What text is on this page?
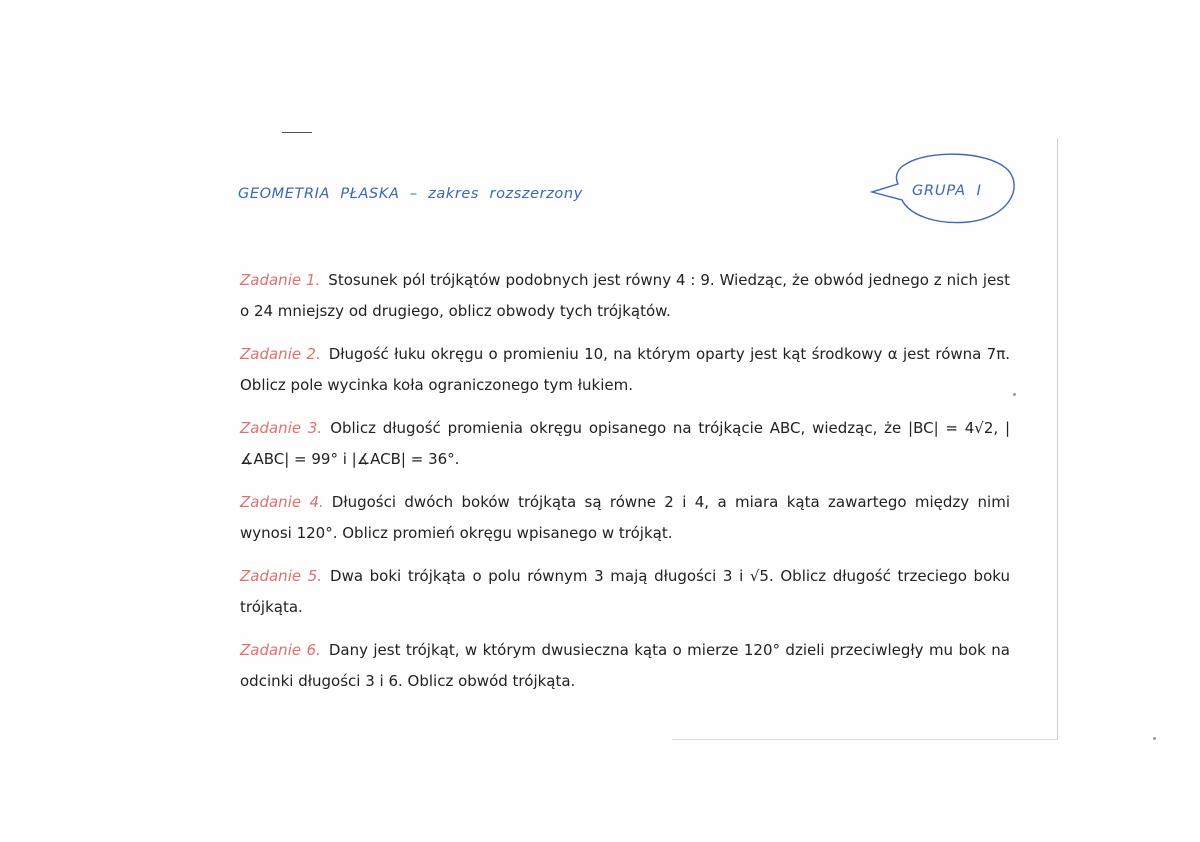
GEOMETRIA  PŁASKA  –  zakres  rozszerzony	GRUPA  I
Zadanie 1. Stosunek pól trójkątów podobnych jest równy 4 : 9. Wiedząc, że obwód jednego z nich jest o 24 mniejszy od drugiego, oblicz obwody tych trójkątów.
Zadanie 2. Długość łuku okręgu o promieniu 10, na którym oparty jest kąt środkowy α jest równa 7π. Oblicz pole wycinka koła ograniczonego tym łukiem.
Zadanie 3. Oblicz długość promienia okręgu opisanego na trójkącie ABC, wiedząc, że |BC| = 4√2, |∡ABC| = 99° i |∡ACB| = 36°.
Zadanie 4. Długości dwóch boków trójkąta są równe 2 i 4, a miara kąta zawartego między nimi wynosi 120°. Oblicz promień okręgu wpisanego w trójkąt.
Zadanie 5. Dwa boki trójkąta o polu równym 3 mają długości 3 i √5. Oblicz długość trzeciego boku trójkąta.
Zadanie 6. Dany jest trójkąt, w którym dwusieczna kąta o mierze 120° dzieli przeciwległy mu bok na odcinki długości 3 i 6. Oblicz obwód trójkąta.
